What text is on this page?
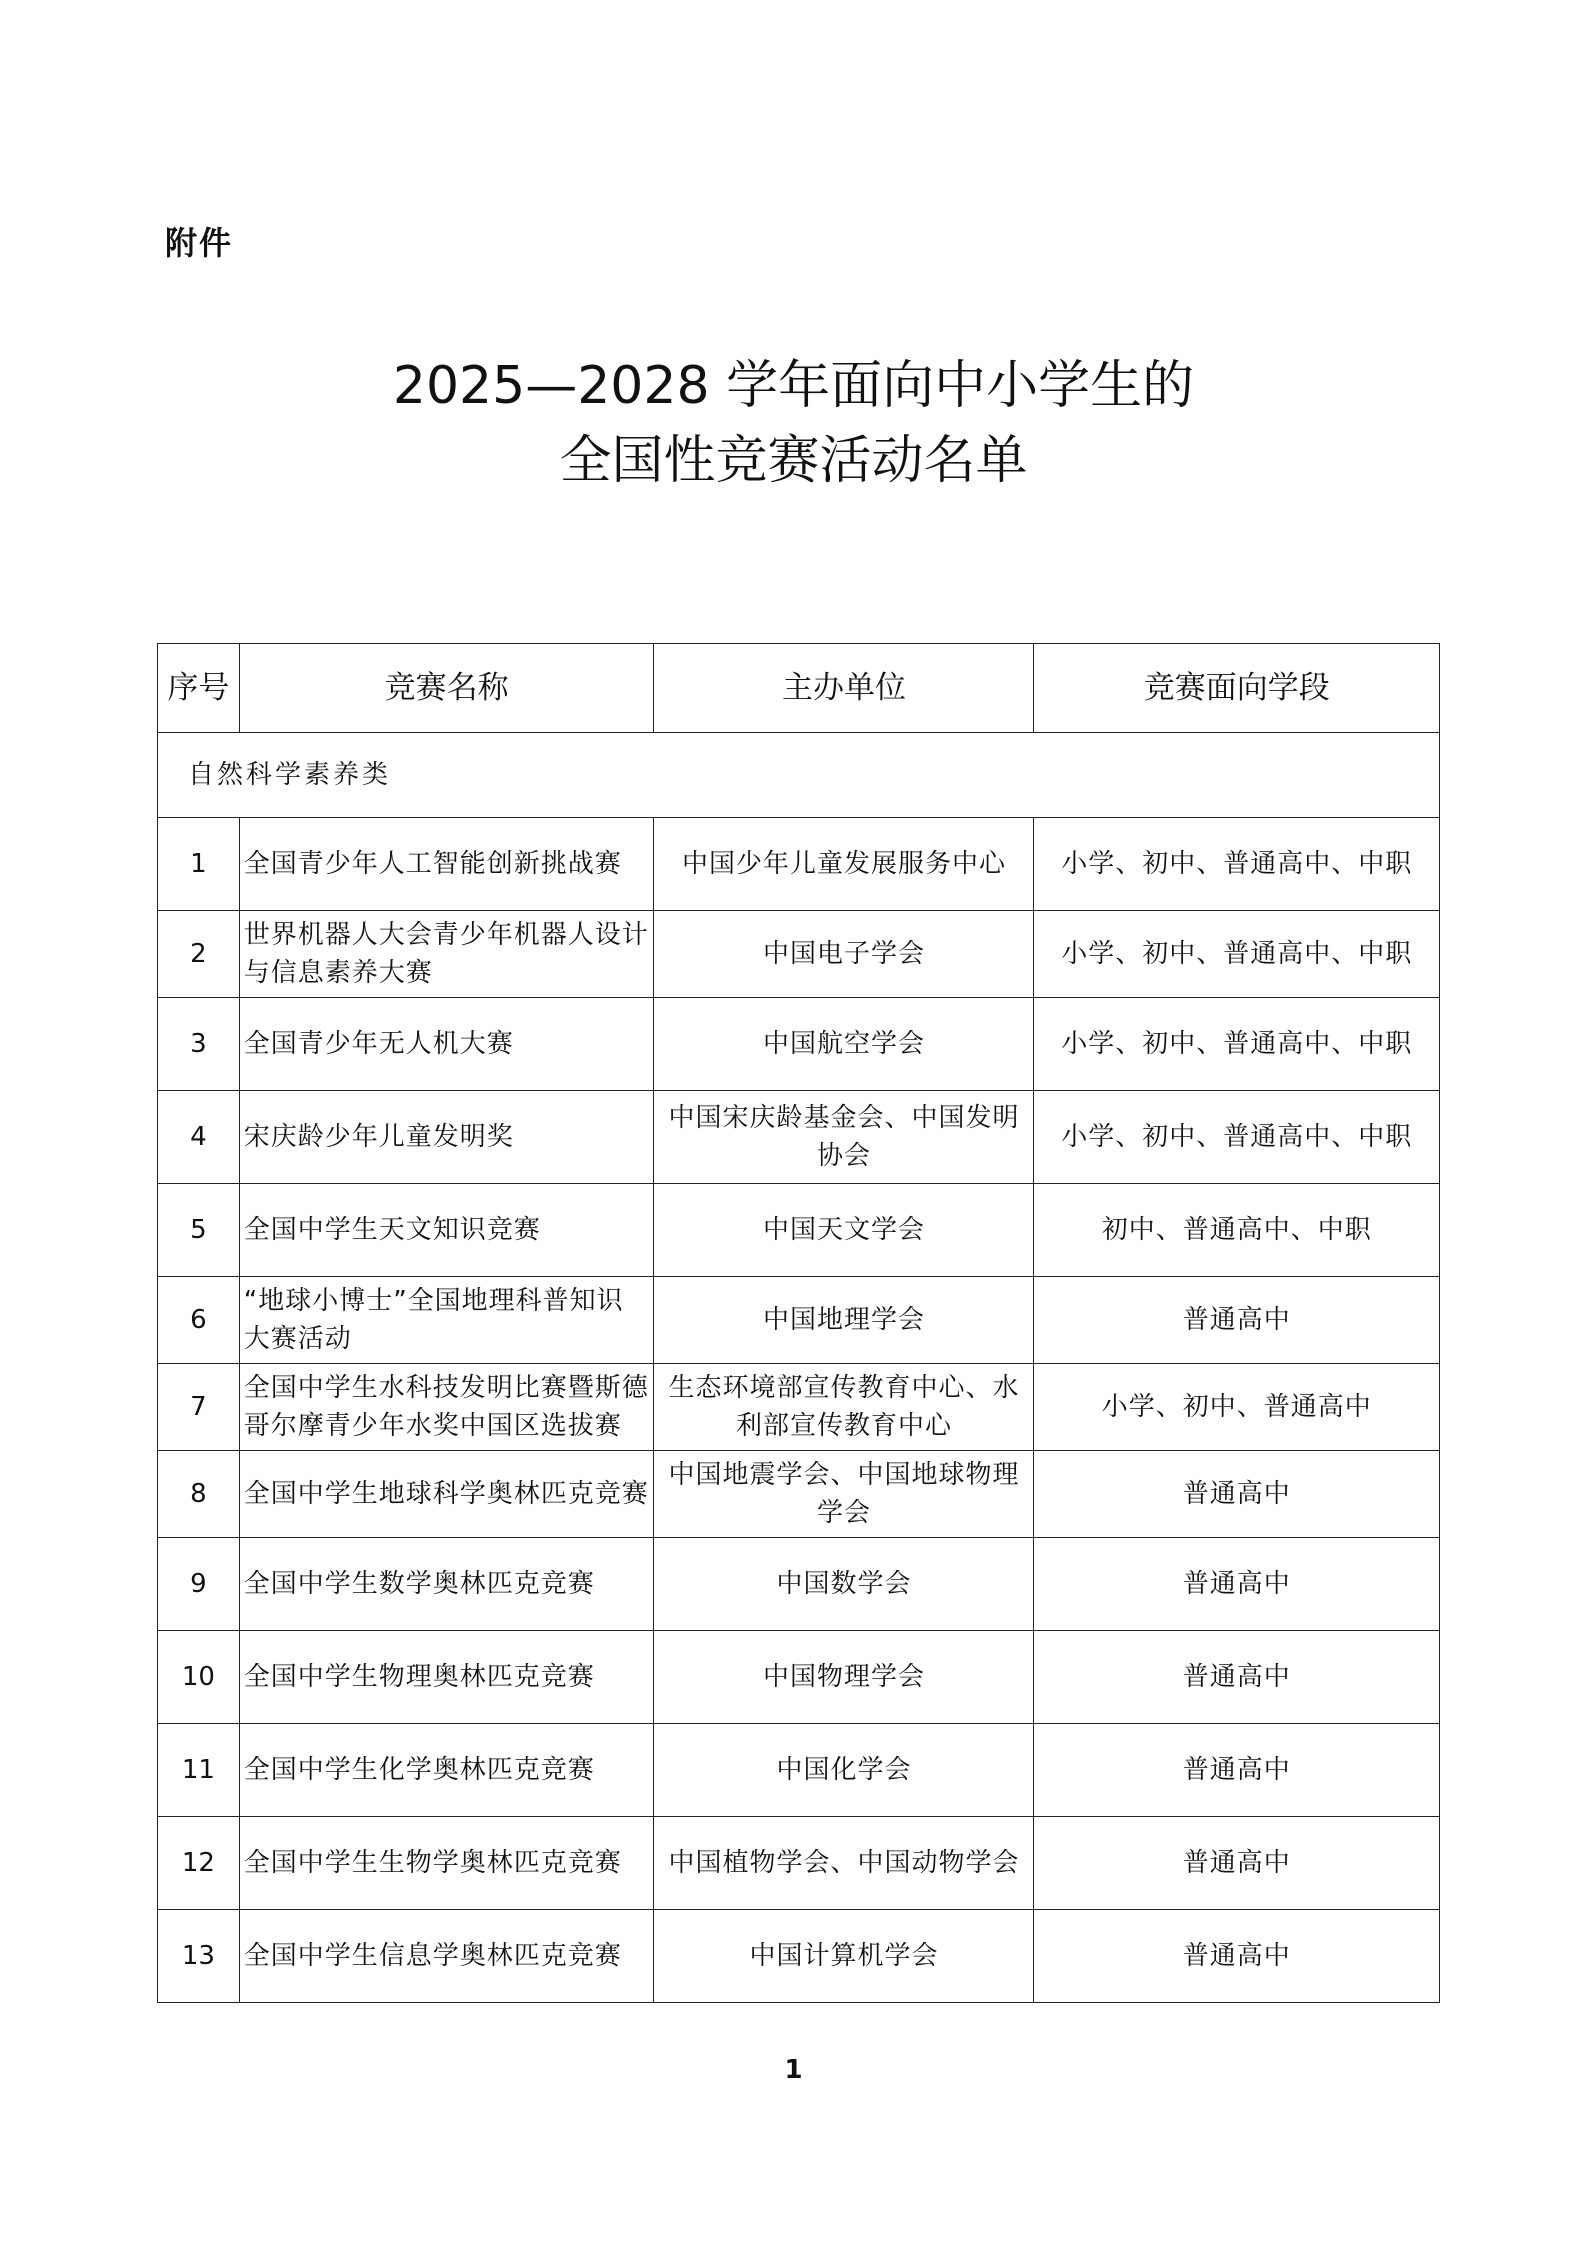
附件
2025—2028 学年面向中小学生的
全国性竞赛活动名单
序号	竞赛名称	主办单位	竞赛面向学段
自然科学素养类			
1	全国青少年人工智能创新挑战赛	中国少年儿童发展服务中心	小学、初中、普通高中、中职
2	世界机器人大会青少年机器人设计与信息素养大赛	中国电子学会	小学、初中、普通高中、中职
3	全国青少年无人机大赛	中国航空学会	小学、初中、普通高中、中职
4	宋庆龄少年儿童发明奖	中国宋庆龄基金会、中国发明协会	小学、初中、普通高中、中职
5	全国中学生天文知识竞赛	中国天文学会	初中、普通高中、中职
6	“地球小博士”全国地理科普知识大赛活动	中国地理学会	普通高中
7	全国中学生水科技发明比赛暨斯德哥尔摩青少年水奖中国区选拔赛	生态环境部宣传教育中心、水利部宣传教育中心	小学、初中、普通高中
8	全国中学生地球科学奥林匹克竞赛	中国地震学会、中国地球物理学会	普通高中
9	全国中学生数学奥林匹克竞赛	中国数学会	普通高中
10	全国中学生物理奥林匹克竞赛	中国物理学会	普通高中
11	全国中学生化学奥林匹克竞赛	中国化学会	普通高中
12	全国中学生生物学奥林匹克竞赛	中国植物学会、中国动物学会	普通高中
13	全国中学生信息学奥林匹克竞赛	中国计算机学会	普通高中
1
